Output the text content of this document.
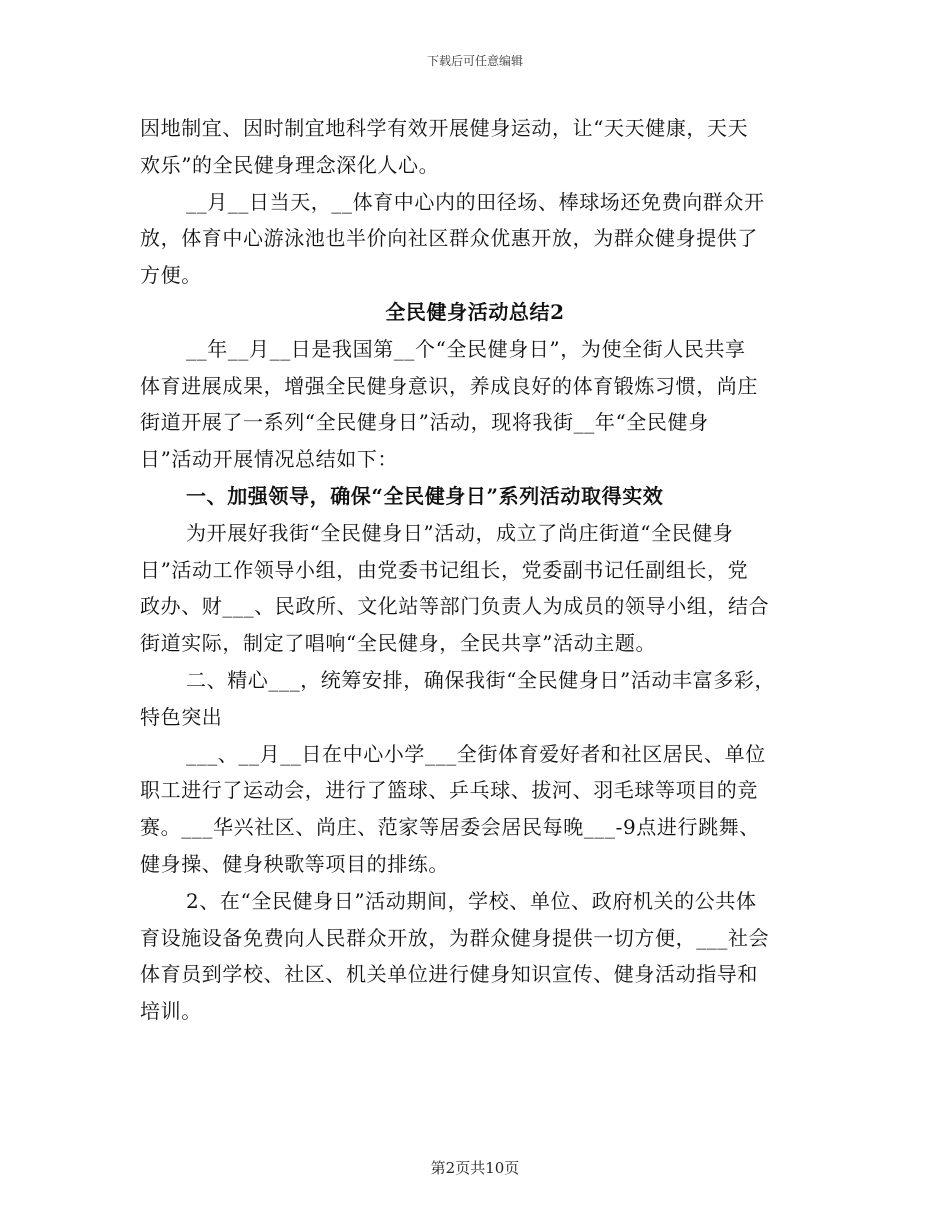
下载后可任意编辑
因地制宜、因时制宜地科学有效开展健身运动，让“天天健康，天天
欢乐”的全民健身理念深化人心。
__月__日当天，__体育中心内的田径场、棒球场还免费向群众开
放，体育中心游泳池也半价向社区群众优惠开放，为群众健身提供了
方便。
全民健身活动总结2
__年__月__日是我国第__个“全民健身日”，为使全街人民共享
体育进展成果，增强全民健身意识，养成良好的体育锻炼习惯，尚庄
街道开展了一系列“全民健身日”活动，现将我街__年“全民健身
日”活动开展情况总结如下：
一、加强领导，确保“全民健身日”系列活动取得实效
为开展好我街“全民健身日”活动，成立了尚庄街道“全民健身
日”活动工作领导小组，由党委书记组长，党委副书记任副组长，党
政办、财___、民政所、文化站等部门负责人为成员的领导小组，结合
街道实际，制定了唱响“全民健身，全民共享”活动主题。
二、精心___，统筹安排，确保我街“全民健身日”活动丰富多彩，
特色突出
___、__月__日在中心小学___全街体育爱好者和社区居民、单位
职工进行了运动会，进行了篮球、乒乓球、拔河、羽毛球等项目的竞
赛。___华兴社区、尚庄、范家等居委会居民每晚___-9点进行跳舞、
健身操、健身秧歌等项目的排练。
2、在“全民健身日”活动期间，学校、单位、政府机关的公共体
育设施设备免费向人民群众开放，为群众健身提供一切方便，___社会
体育员到学校、社区、机关单位进行健身知识宣传、健身活动指导和
培训。
第2页共10页
